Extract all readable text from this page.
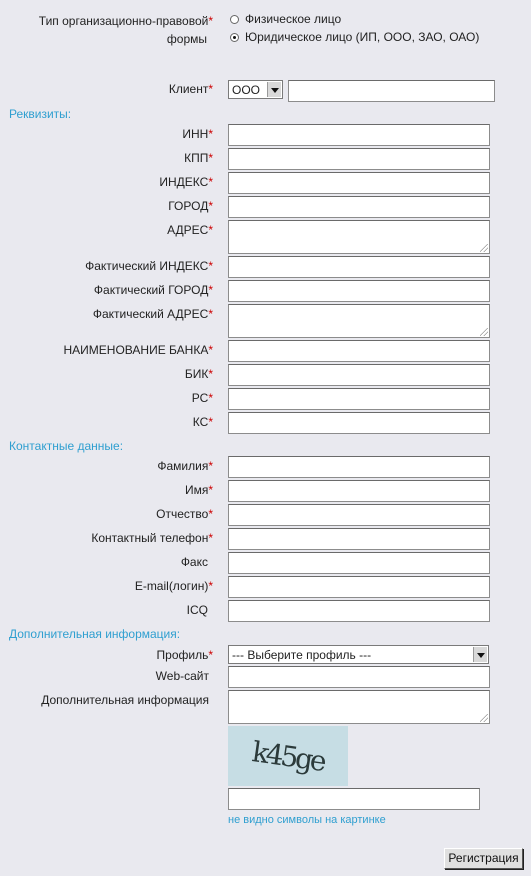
Тип организационно-правовой*
формы
Физическое лицо
Юридическое лицо (ИП, ООО, ЗАО, ОАО)
Клиент*	ООО
Реквизиты:
ИНН*
КПП*
ИНДЕКС*
ГОРОД*
АДРЕС*
Фактический ИНДЕКС*
Фактический ГОРОД*
Фактический АДРЕС*
НАИМЕНОВАНИЕ БАНКА*
БИК*
РС*
КС*
Контактные данные:
Фамилия*
Имя*
Отчество*
Контактный телефон*
Факс
E-mail(логин)*
ICQ
Дополнительная информация:
Профиль*	--- Выберите профиль ---
Web-сайт
Дополнительная информация
k45ge
не видно символы на картинке
Регистрация
